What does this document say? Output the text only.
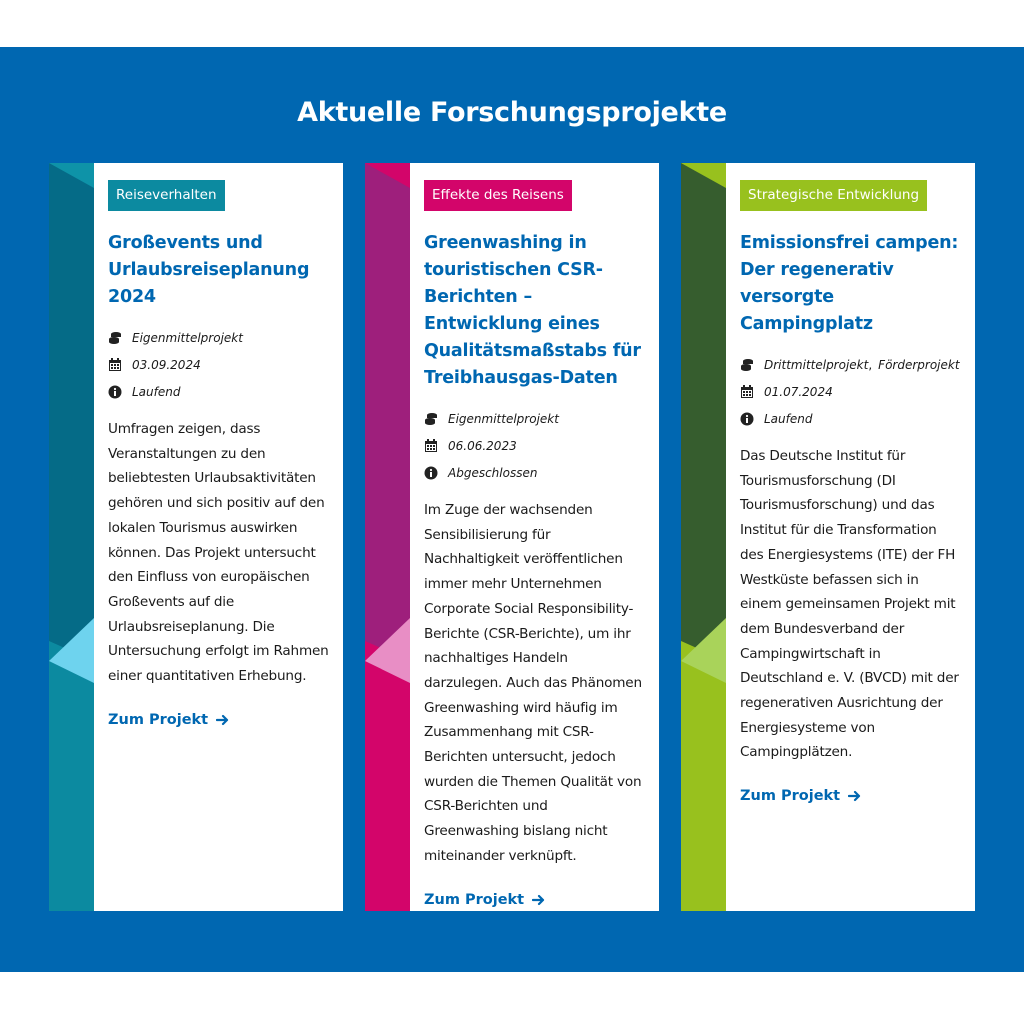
Aktuelle Forschungsprojekte
Reiseverhalten
Großevents und Urlaubsreiseplanung 2024
Eigenmittelprojekt
03.09.2024
Laufend

Umfragen zeigen, dass Veranstaltungen zu den beliebtesten Urlaubsaktivitäten gehören und sich positiv auf den lokalen Tourismus auswirken können. Das Projekt untersucht den Einfluss von europäischen Großevents auf die Urlaubsreiseplanung. Die Untersuchung erfolgt im Rahmen einer quantitativen Erhebung.

Zum Projekt
Effekte des Reisens
Greenwashing in touristischen CSR-Berichten – Entwicklung eines Qualitätsmaßstabs für Treibhausgas-Daten
Eigenmittelprojekt
06.06.2023
Abgeschlossen

Im Zuge der wachsenden Sensibilisierung für Nachhaltigkeit veröffentlichen immer mehr Unternehmen Corporate Social Responsibility-Berichte (CSR-Berichte), um ihr nachhaltiges Handeln darzulegen. Auch das Phänomen Greenwashing wird häufig im Zusammenhang mit CSR-Berichten untersucht, jedoch wurden die Themen Qualität von CSR-Berichten und Greenwashing bislang nicht miteinander verknüpft.

Zum Projekt
Strategische Entwicklung
Emissionsfrei campen: Der regenerativ versorgte Campingplatz
Drittmittelprojekt , Förderprojekt
01.07.2024
Laufend

Das Deutsche Institut für Tourismusforschung (DI Tourismusforschung) und das Institut für die Transformation des Energiesystems (ITE) der FH Westküste befassen sich in einem gemeinsamen Projekt mit dem Bundesverband der Campingwirtschaft in Deutschland e. V. (BVCD) mit der regenerativen Ausrichtung der Energiesysteme von Campingplätzen.

Zum Projekt
